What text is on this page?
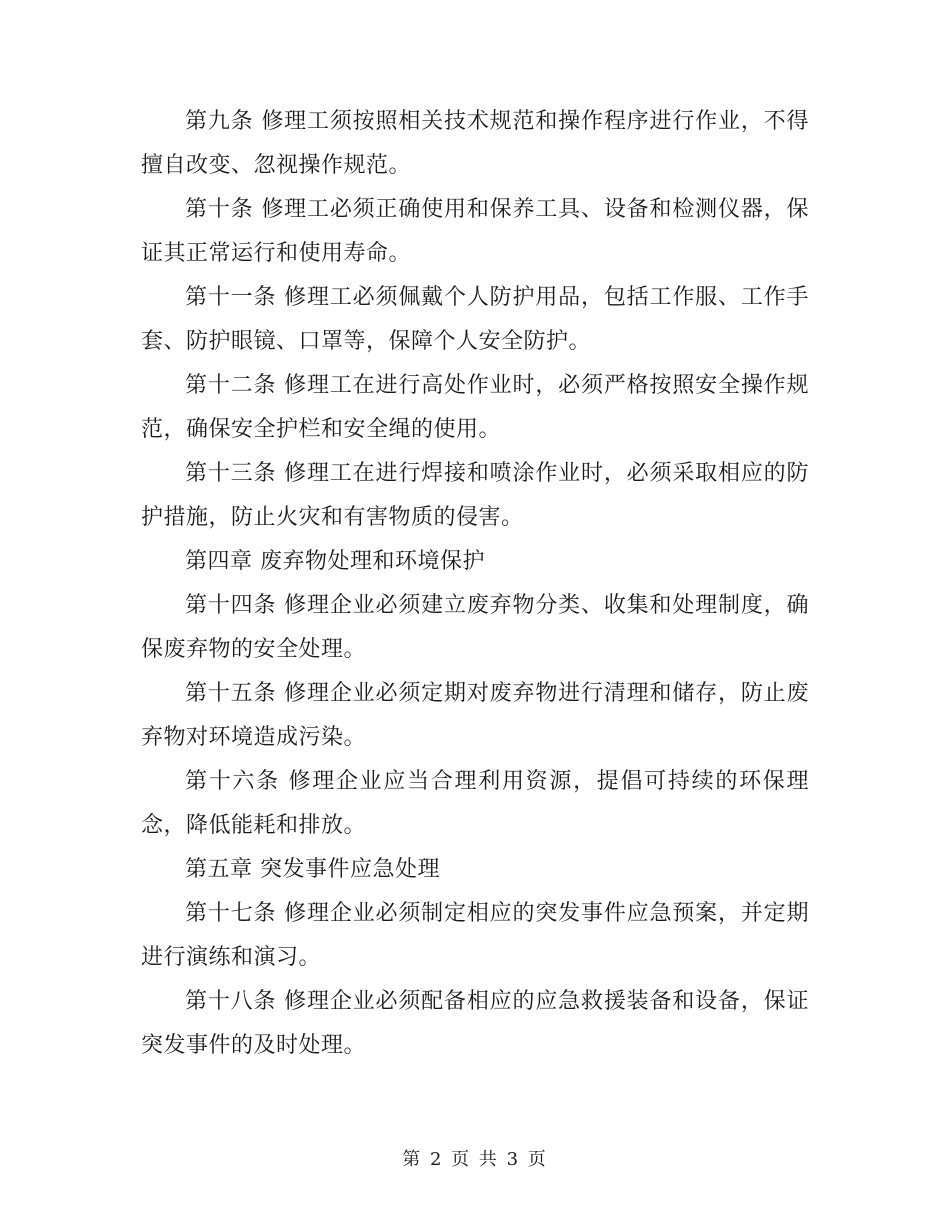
第九条 修理工须按照相关技术规范和操作程序进行作业，不得擅自改变、忽视操作规范。

第十条 修理工必须正确使用和保养工具、设备和检测仪器，保证其正常运行和使用寿命。

第十一条 修理工必须佩戴个人防护用品，包括工作服、工作手套、防护眼镜、口罩等，保障个人安全防护。

第十二条 修理工在进行高处作业时，必须严格按照安全操作规范，确保安全护栏和安全绳的使用。

第十三条 修理工在进行焊接和喷涂作业时，必须采取相应的防护措施，防止火灾和有害物质的侵害。

第四章 废弃物处理和环境保护

第十四条 修理企业必须建立废弃物分类、收集和处理制度，确保废弃物的安全处理。

第十五条 修理企业必须定期对废弃物进行清理和储存，防止废弃物对环境造成污染。

第十六条 修理企业应当合理利用资源，提倡可持续的环保理念，降低能耗和排放。

第五章 突发事件应急处理

第十七条 修理企业必须制定相应的突发事件应急预案，并定期进行演练和演习。

第十八条 修理企业必须配备相应的应急救援装备和设备，保证突发事件的及时处理。

第 2 页 共 3 页
